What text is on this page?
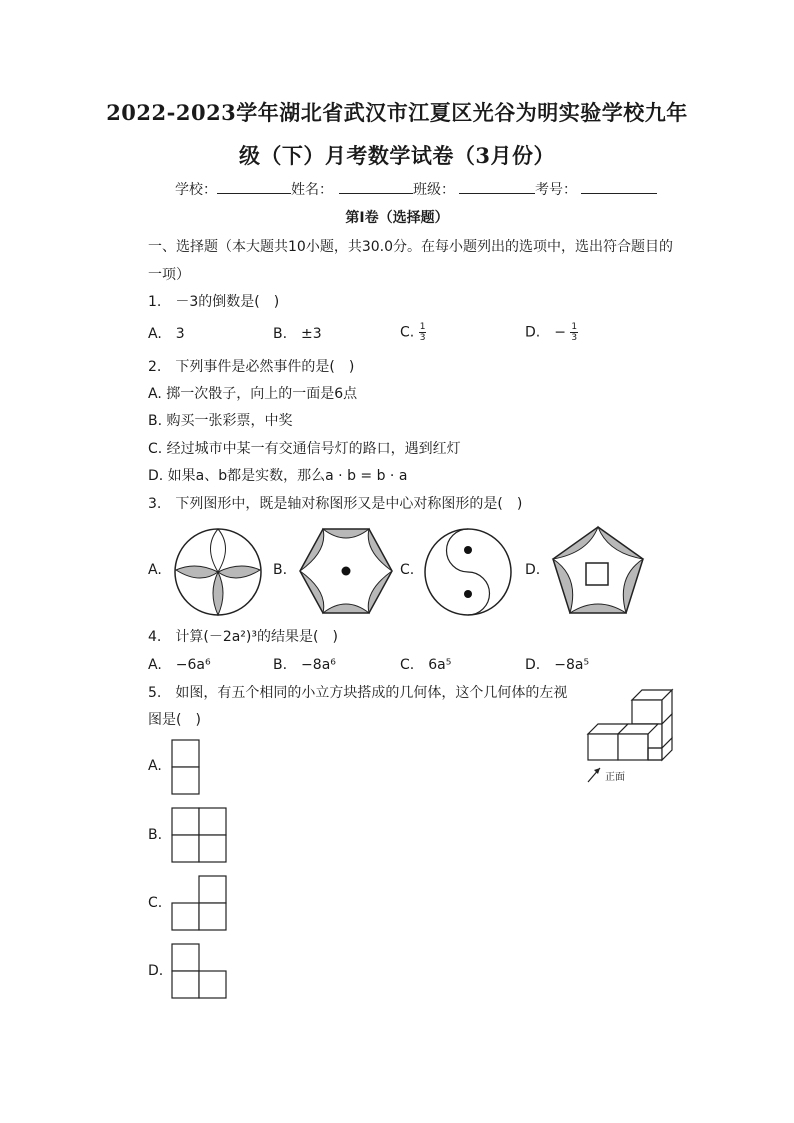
2022-2023学年湖北省武汉市江夏区光谷为明实验学校九年
级（下）月考数学试卷（3月份）
学校：	姓名：	班级：	考号：
第I卷（选择题）
一、选择题（本大题共10小题，共30.0分。在每小题列出的选项中，选出符合题目的
一项）
1.　－3的倒数是(　)
A.　3	B.　±3	C. $\frac{1}{3}$	D.　− $\frac{1}{3}$
2.　下列事件是必然事件的是(　)
A. 掷一次骰子，向上的一面是6点
B. 购买一张彩票，中奖
C. 经过城市中某一有交通信号灯的路口，遇到红灯
D. 如果a、b都是实数，那么a · b = b · a
3.　下列图形中，既是轴对称图形又是中心对称图形的是(　)
A.	B.	C.	D.
4.　计算(－2a²)³的结果是(　)
A.　−6a⁶	B.　−8a⁶	C.　6a⁵	D.　−8a⁵
5.　如图，有五个相同的小立方块搭成的几何体，这个几何体的左视
图是(　)
正面
A.
B.
C.
D.
